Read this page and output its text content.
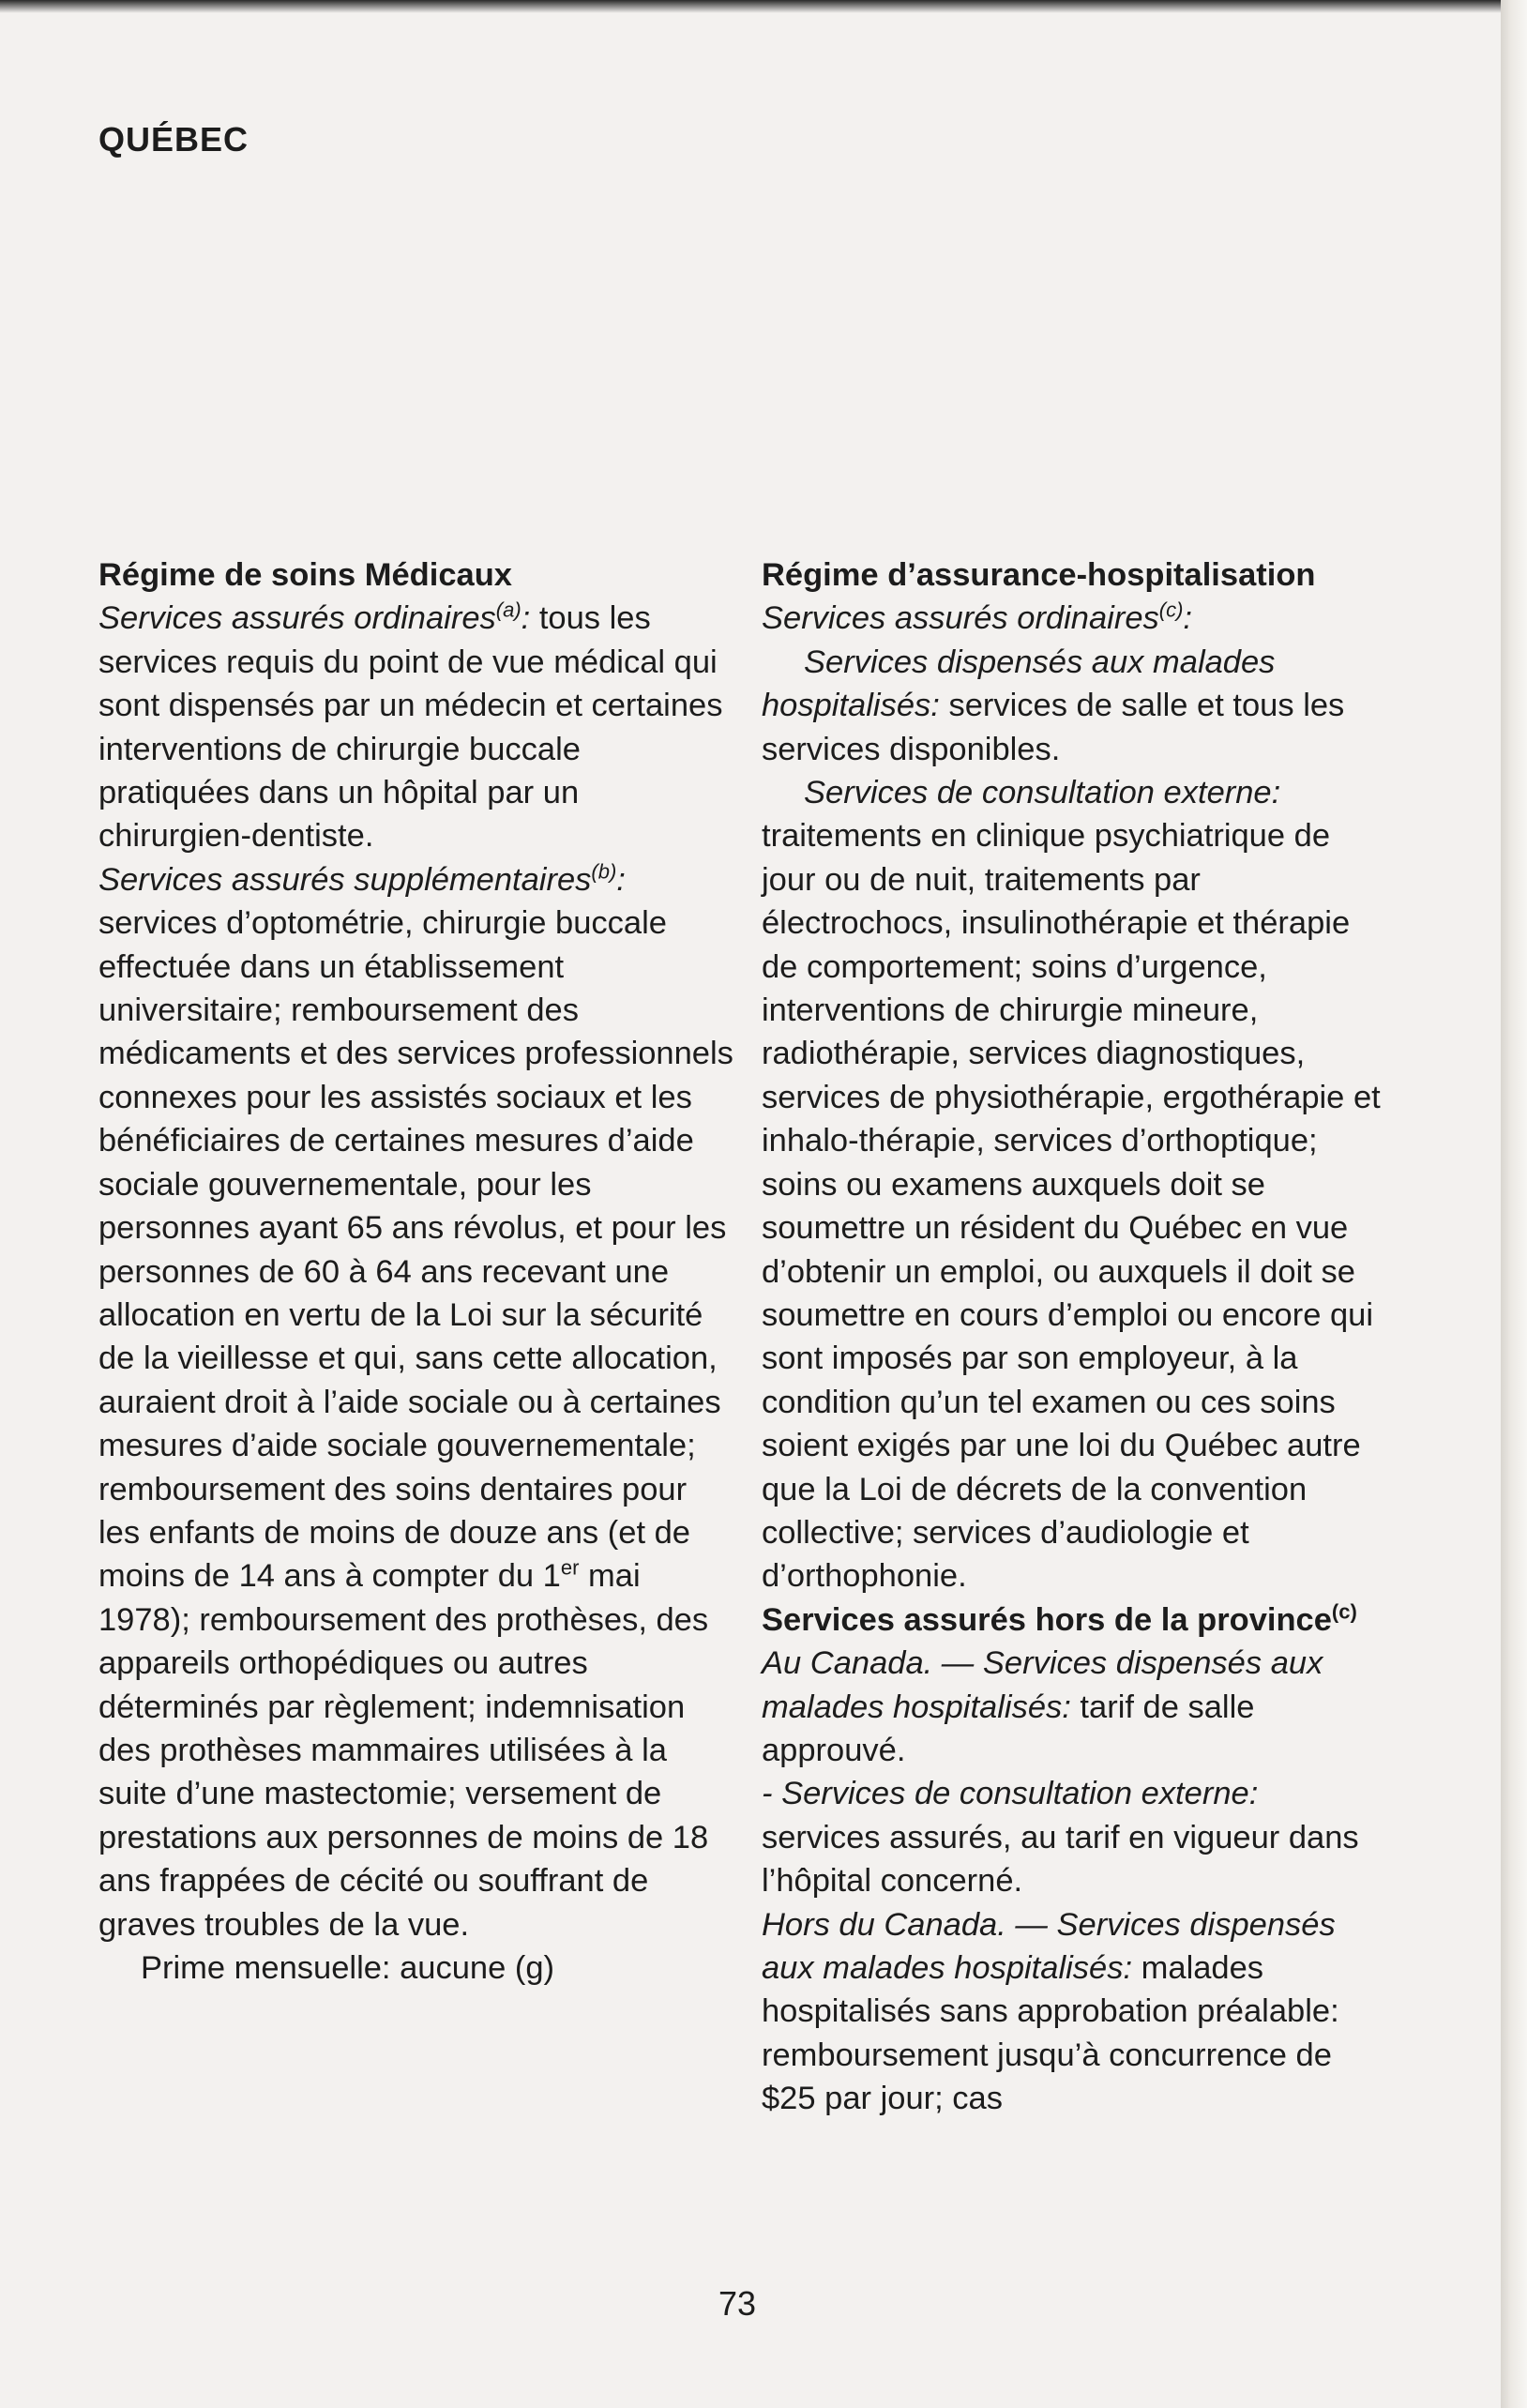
QUÉBEC
Régime de soins Médicaux

Services assurés ordinaires$^{(a)}$: tous les services requis du point de vue médical qui sont dispensés par un médecin et certaines interventions de chirurgie buccale pratiquées dans un hôpital par un chirurgien-dentiste.

Services assurés supplémentaires$^{(b)}$: services d’optométrie, chirurgie buccale effectuée dans un établissement universitaire; remboursement des médicaments et des services professionnels connexes pour les assistés sociaux et les bénéficiaires de certaines mesures d’aide sociale gouvernementale, pour les personnes ayant 65 ans révolus, et pour les personnes de 60 à 64 ans recevant une allocation en vertu de la Loi sur la sécurité de la vieillesse et qui, sans cette allocation, auraient droit à l’aide sociale ou à certaines mesures d’aide sociale gouvernementale; remboursement des soins dentaires pour les enfants de moins de douze ans (et de moins de 14 ans à compter du 1er mai 1978); remboursement des prothèses, des appareils orthopédiques ou autres déterminés par règlement; indemnisation des prothèses mammaires utilisées à la suite d’une mastectomie; versement de prestations aux personnes de moins de 18 ans frappées de cécité ou souffrant de graves troubles de la vue.

Prime mensuelle: aucune (g)

Régime d’assurance-hospitalisation

Services assurés ordinaires$^{(c)}$:

Services dispensés aux malades hospitalisés: services de salle et tous les services disponibles.

Services de consultation externe: traitements en clinique psychiatrique de jour ou de nuit, traitements par électrochocs, insulinothérapie et thérapie de comportement; soins d’urgence, interventions de chirurgie mineure, radiothérapie, services diagnostiques, services de physiothérapie, ergothérapie et inhalo-thérapie, services d’orthoptique; soins ou examens auxquels doit se soumettre un résident du Québec en vue d’obtenir un emploi, ou auxquels il doit se soumettre en cours d’emploi ou encore qui sont imposés par son employeur, à la condition qu’un tel examen ou ces soins soient exigés par une loi du Québec autre que la Loi de décrets de la convention collective; services d’audiologie et d’orthophonie.

Services assurés hors de la province$^{(c)}$

Au Canada. — Services dispensés aux malades hospitalisés: tarif de salle approuvé.

- Services de consultation externe: services assurés, au tarif en vigueur dans l’hôpital concerné.

Hors du Canada. — Services dispensés aux malades hospitalisés: malades hospitalisés sans approbation préalable: remboursement jusqu’à concurrence de $25 par jour; cas

73
